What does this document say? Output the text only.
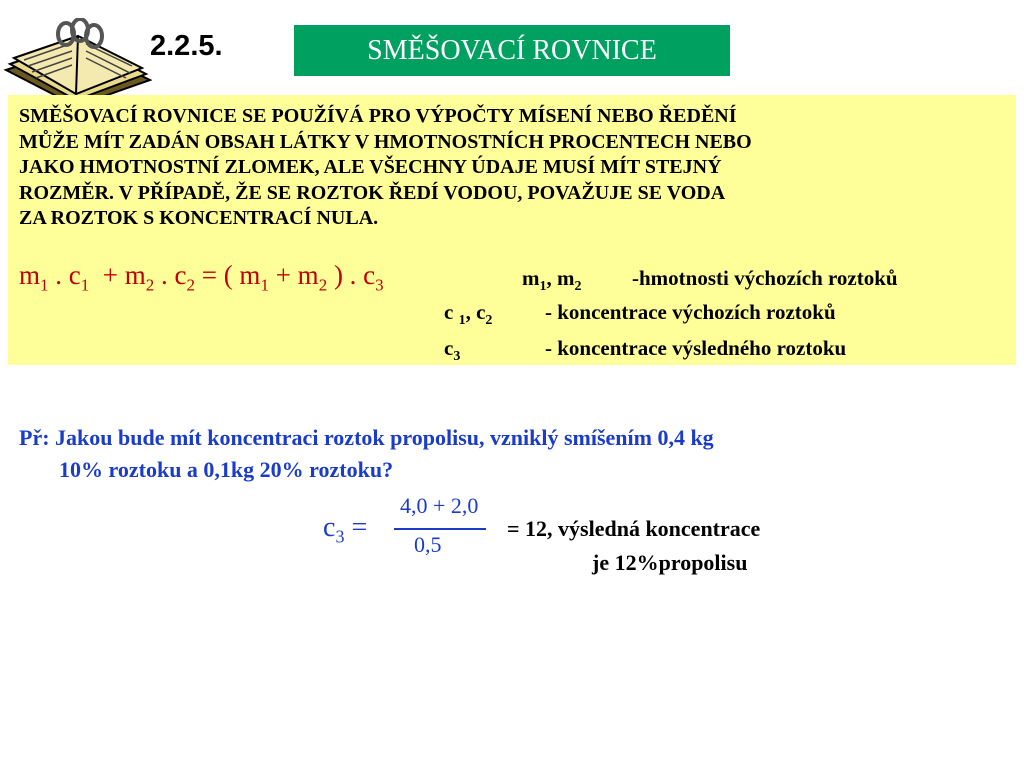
2.2.5.	SMĚŠOVACÍ ROVNICE
SMĚŠOVACÍ ROVNICE SE POUŽÍVÁ PRO VÝPOČTY MÍSENÍ NEBO ŘEDĚNÍ
MŮŽE MÍT ZADÁN OBSAH LÁTKY V HMOTNOSTNÍCH PROCENTECH NEBO
JAKO HMOTNOSTNÍ ZLOMEK, ALE VŠECHNY ÚDAJE MUSÍ MÍT STEJNÝ
ROZMĚR. V PŘÍPADĚ, ŽE SE ROZTOK ŘEDÍ VODOU, POVAŽUJE SE VODA
ZA ROZTOK S KONCENTRACÍ NULA.
$m_1$ . $c_1 + m_2$ . $c_2$ = ( $m_1 + m_2$ ) . $c_3$	$m_1$, $m_2$ -hmotnosti výchozích roztoků
c $_1$, $c_2$	- koncentrace výchozích roztoků
$c_3$	- koncentrace výsledného roztoku
Př: Jakou bude mít koncentraci roztok propolisu, vzniklý smíšením 0,4 kg
10% roztoku a 0,1kg 20% roztoku?
$c_3$ =
4,0 + 2,0
0,5
= 12, výsledná koncentrace
je 12%propolisu
